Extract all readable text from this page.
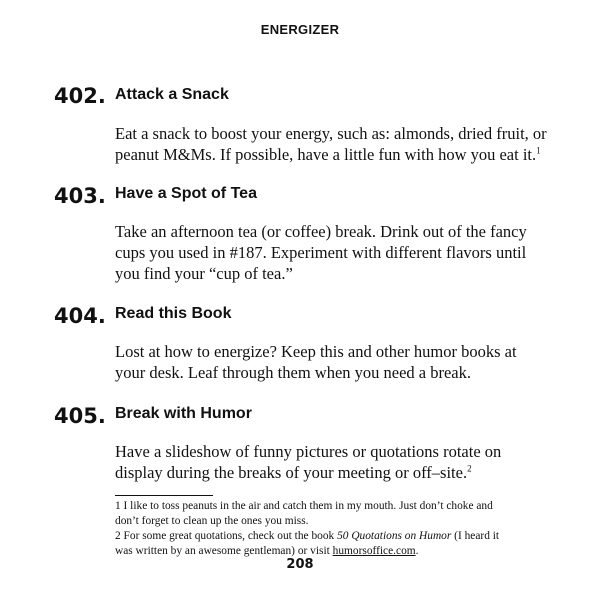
ENERGIZER
402. Attack a Snack
Eat a snack to boost your energy, such as: almonds, dried fruit, or
peanut M&Ms. If possible, have a little fun with how you eat it.$^1$
403. Have a Spot of Tea
Take an afternoon tea (or coffee) break. Drink out of the fancy
cups you used in #187. Experiment with different flavors until
you find your “cup of tea.”
404. Read this Book
Lost at how to energize? Keep this and other humor books at
your desk. Leaf through them when you need a break.
405. Break with Humor
Have a slideshow of funny pictures or quotations rotate on
display during the breaks of your meeting or off–site.$^2$

1 I like to toss peanuts in the air and catch them in my mouth. Just don’t choke and

don’t forget to clean up the ones you miss.

2 For some great quotations, check out the book 50 Quotations on Humor (I heard it

was written by an awesome gentleman) or visit humorsoffice.com.

208
